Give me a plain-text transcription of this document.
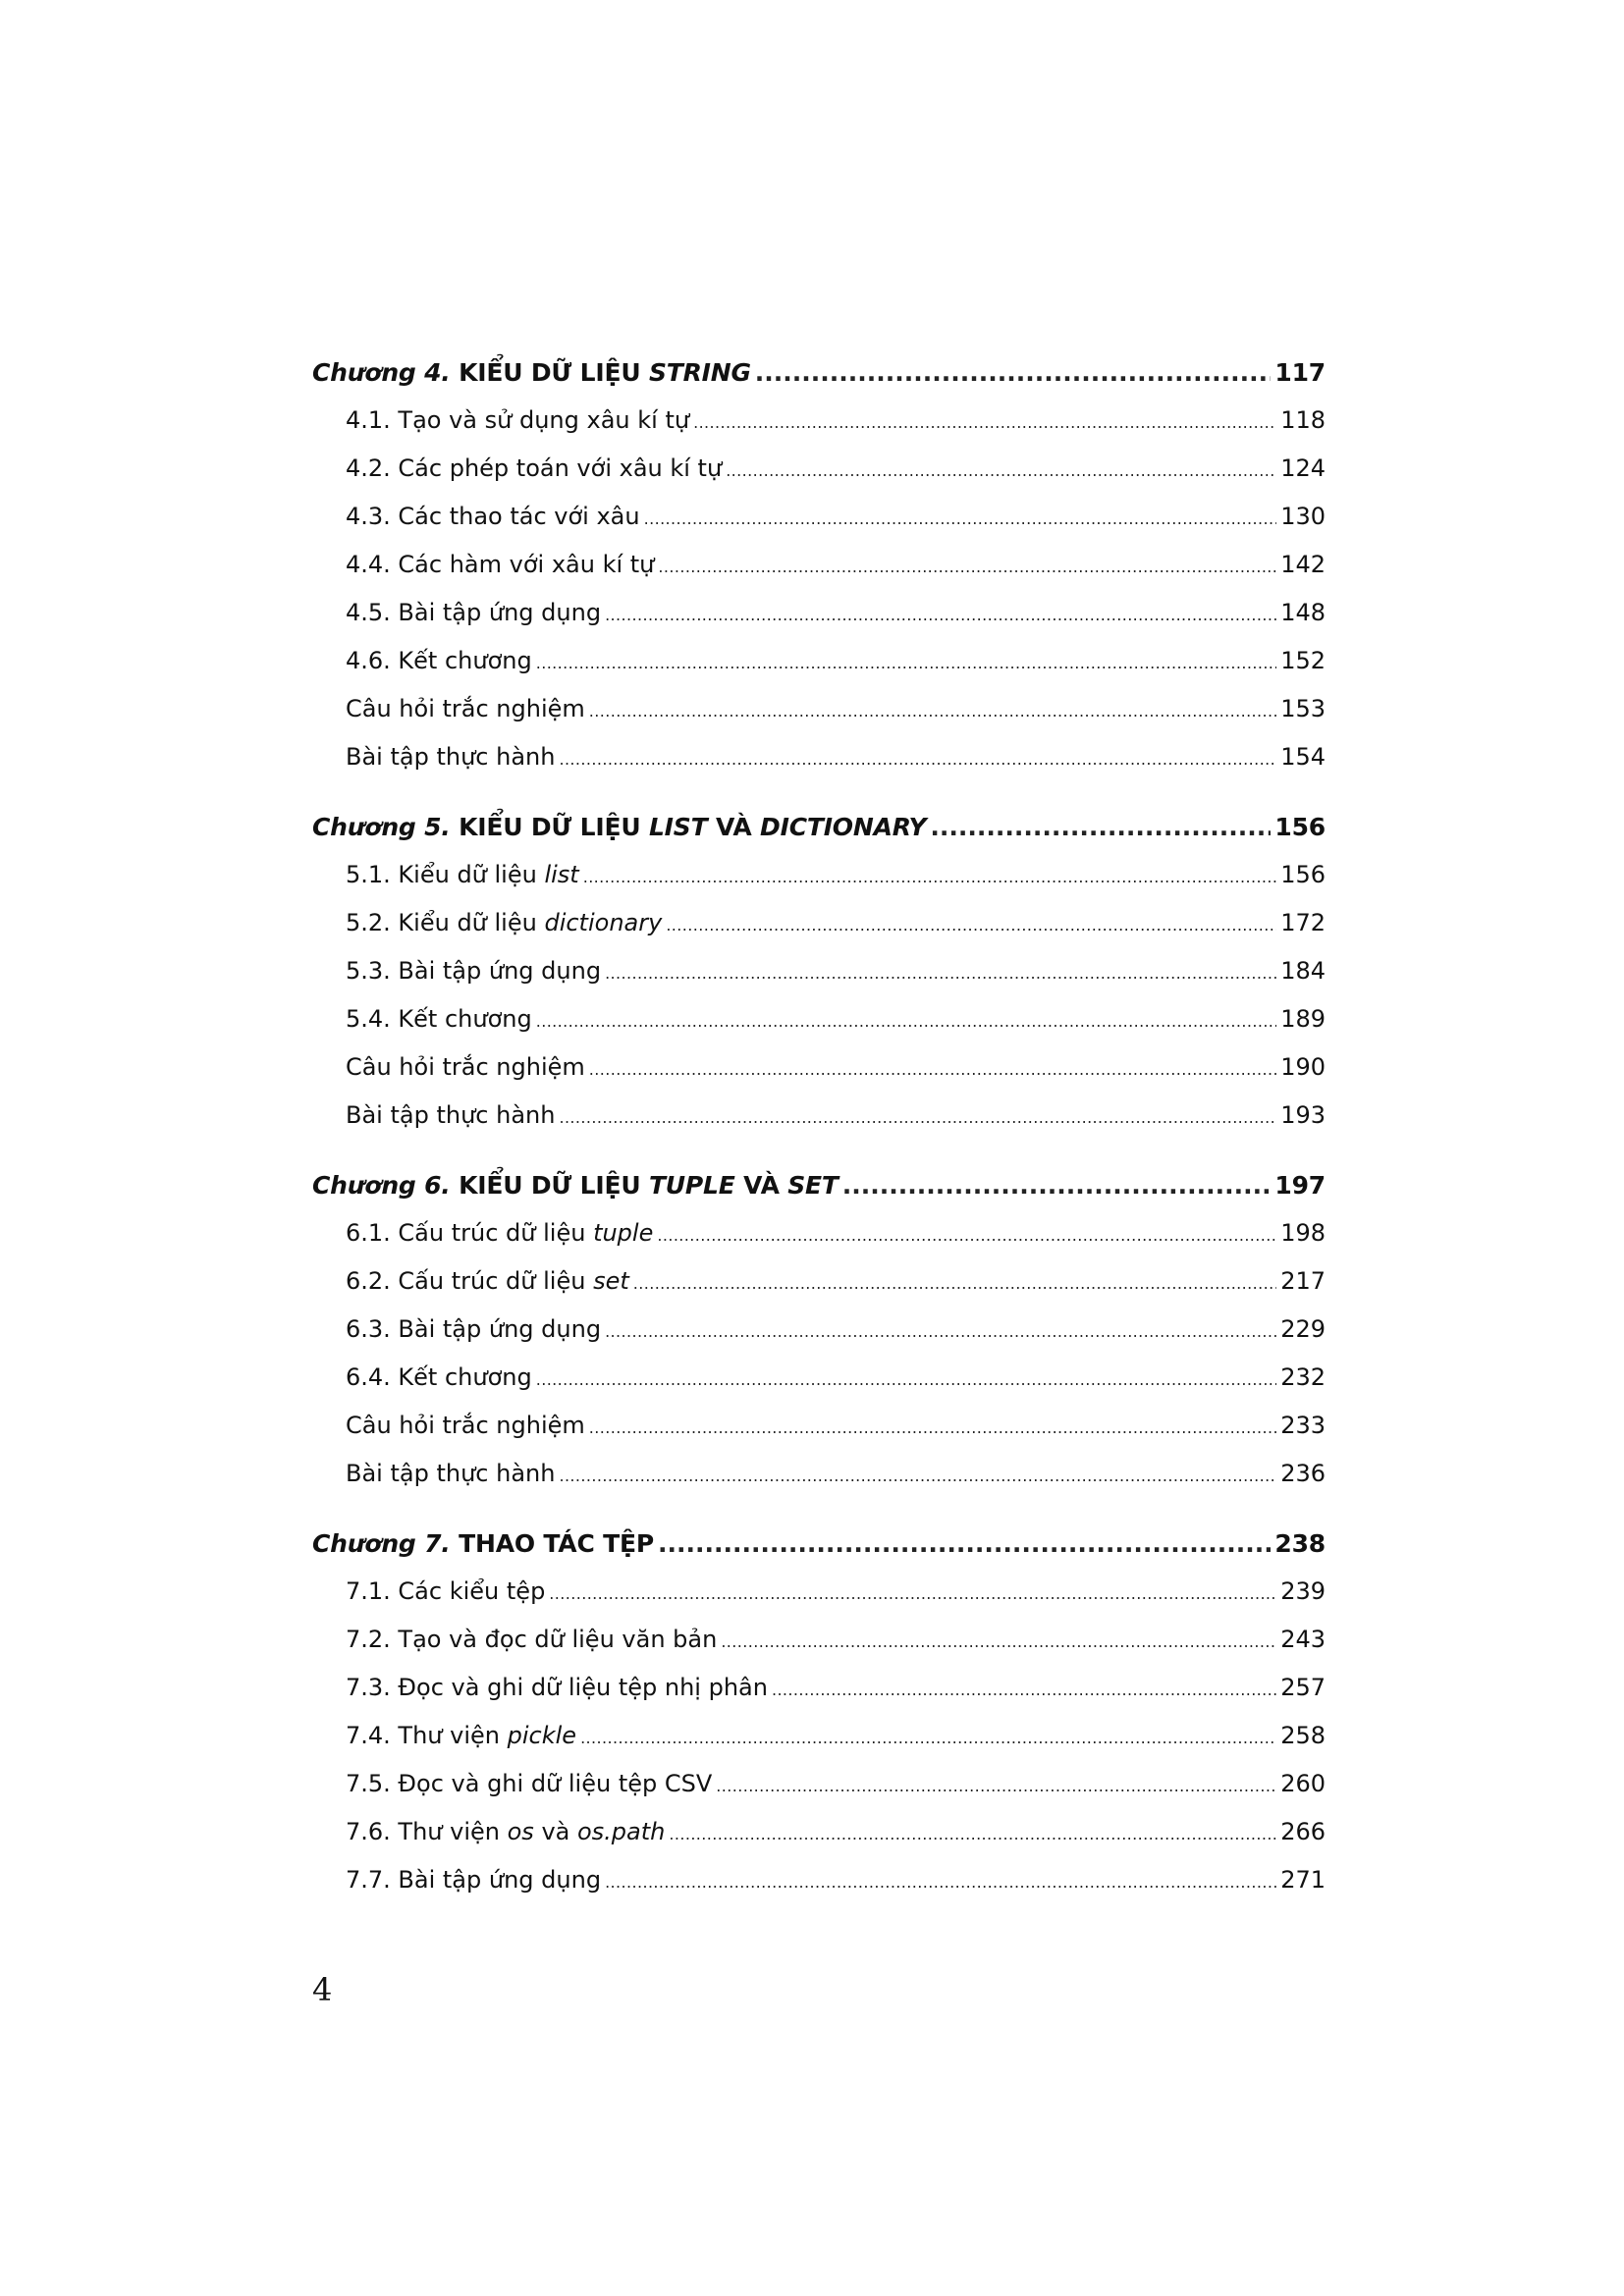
Chương 4. KIỂU DỮ LIỆU STRING .....	117
4.1. Tạo và sử dụng xâu kí tự .....	118
4.2. Các phép toán với xâu kí tự .....	124
4.3. Các thao tác với xâu .....	130
4.4. Các hàm với xâu kí tự .....	142
4.5. Bài tập ứng dụng .....	148
4.6. Kết chương .....	152
Câu hỏi trắc nghiệm .....	153
Bài tập thực hành .....	154
Chương 5. KIỂU DỮ LIỆU LIST VÀ DICTIONARY .....	156
5.1. Kiểu dữ liệu list .....	156
5.2. Kiểu dữ liệu dictionary .....	172
5.3. Bài tập ứng dụng .....	184
5.4. Kết chương .....	189
Câu hỏi trắc nghiệm .....	190
Bài tập thực hành .....	193
Chương 6. KIỂU DỮ LIỆU TUPLE VÀ SET .....	197
6.1. Cấu trúc dữ liệu tuple .....	198
6.2. Cấu trúc dữ liệu set .....	217
6.3. Bài tập ứng dụng .....	229
6.4. Kết chương .....	232
Câu hỏi trắc nghiệm .....	233
Bài tập thực hành .....	236
Chương 7. THAO TÁC TỆP .....	238
7.1. Các kiểu tệp .....	239
7.2. Tạo và đọc dữ liệu văn bản .....	243
7.3. Đọc và ghi dữ liệu tệp nhị phân .....	257
7.4. Thư viện pickle .....	258
7.5. Đọc và ghi dữ liệu tệp CSV .....	260
7.6. Thư viện os và os.path .....	266
7.7. Bài tập ứng dụng .....	271
4
